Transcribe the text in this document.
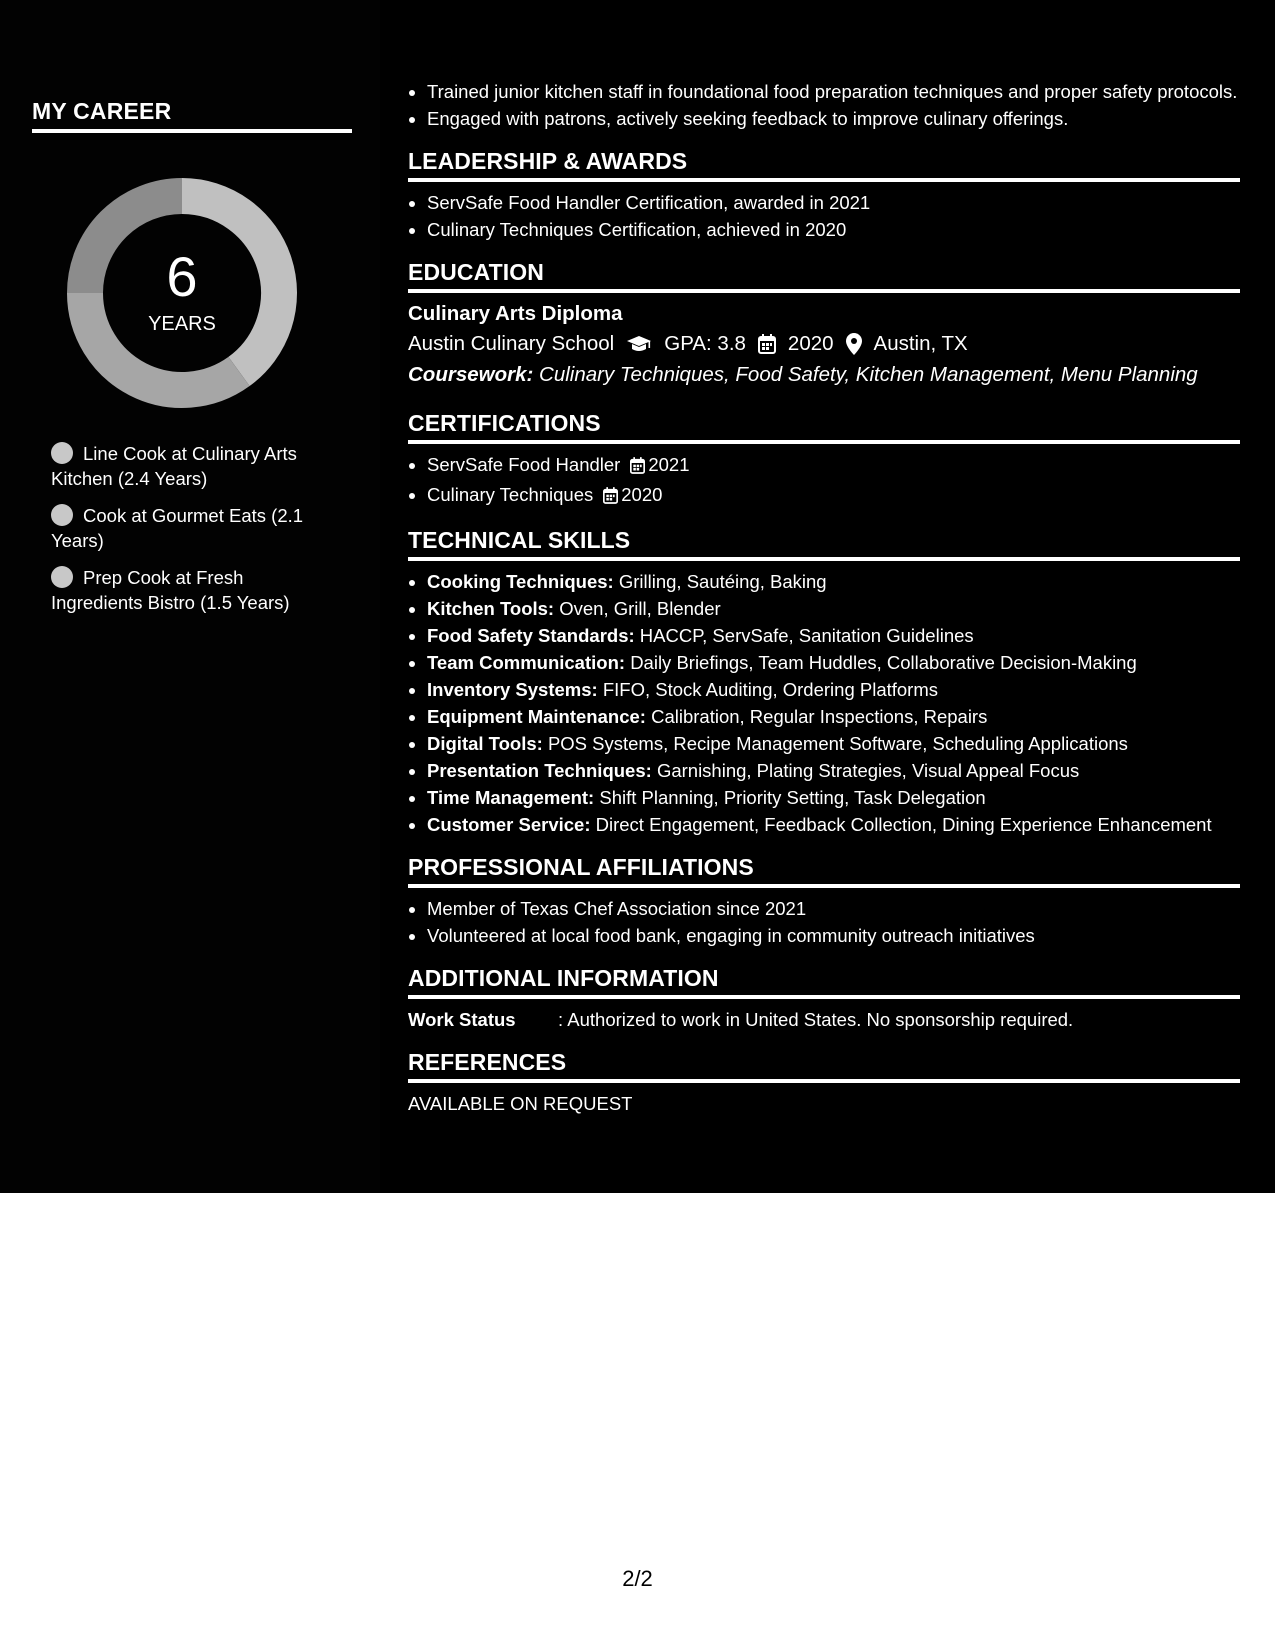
MY CAREER
6
YEARS
Line Cook at Culinary Arts Kitchen (2.4 Years)
Cook at Gourmet Eats (2.1 Years)
Prep Cook at Fresh Ingredients Bistro (1.5 Years)
• Trained junior kitchen staff in foundational food preparation techniques and proper safety protocols.
• Engaged with patrons, actively seeking feedback to improve culinary offerings.
LEADERSHIP & AWARDS
• ServSafe Food Handler Certification, awarded in 2021
• Culinary Techniques Certification, achieved in 2020
EDUCATION
Culinary Arts Diploma
Austin Culinary School GPA: 3.8 2020 Austin, TX
Coursework: Culinary Techniques, Food Safety, Kitchen Management, Menu Planning
CERTIFICATIONS
• ServSafe Food Handler 2021
• Culinary Techniques 2020
TECHNICAL SKILLS
• Cooking Techniques: Grilling, Sautéing, Baking
• Kitchen Tools: Oven, Grill, Blender
• Food Safety Standards: HACCP, ServSafe, Sanitation Guidelines
• Team Communication: Daily Briefings, Team Huddles, Collaborative Decision-Making
• Inventory Systems: FIFO, Stock Auditing, Ordering Platforms
• Equipment Maintenance: Calibration, Regular Inspections, Repairs
• Digital Tools: POS Systems, Recipe Management Software, Scheduling Applications
• Presentation Techniques: Garnishing, Plating Strategies, Visual Appeal Focus
• Time Management: Shift Planning, Priority Setting, Task Delegation
• Customer Service: Direct Engagement, Feedback Collection, Dining Experience Enhancement
PROFESSIONAL AFFILIATIONS
• Member of Texas Chef Association since 2021
• Volunteered at local food bank, engaging in community outreach initiatives
ADDITIONAL INFORMATION
Work Status	: Authorized to work in United States. No sponsorship required.
REFERENCES
AVAILABLE ON REQUEST
2/2
